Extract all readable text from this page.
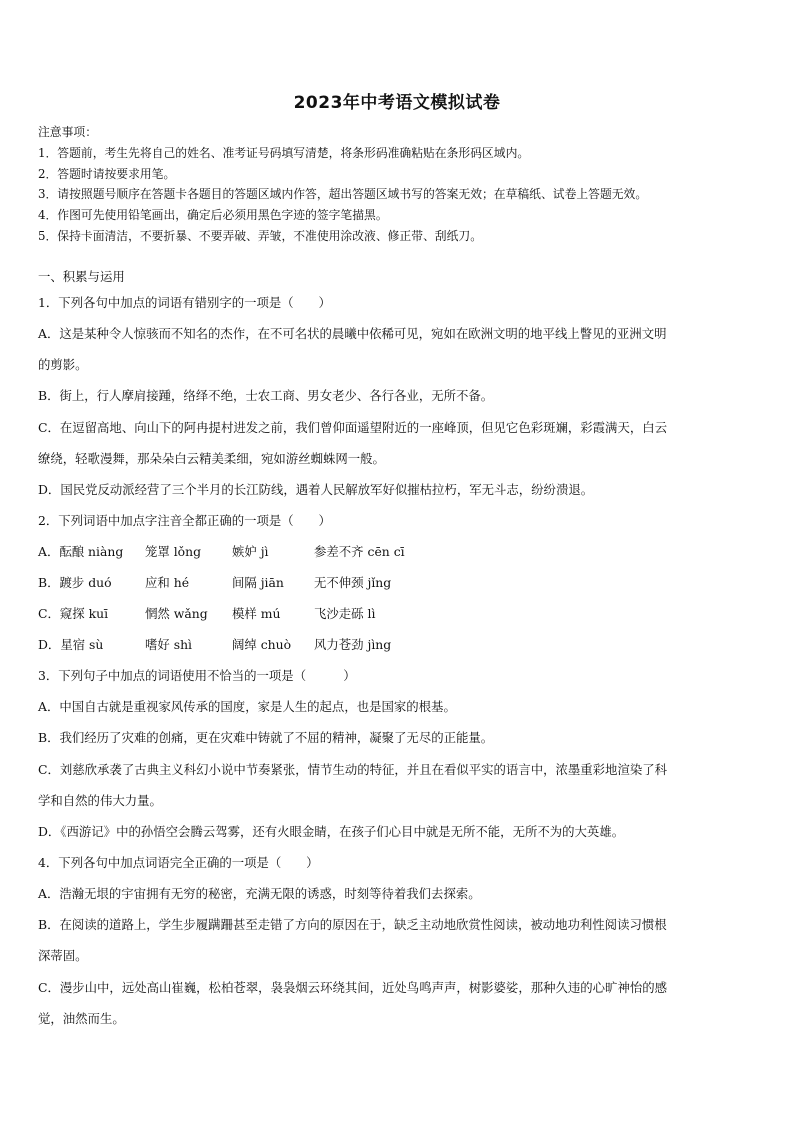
2023年中考语文模拟试卷
注意事项：
1．答题前，考生先将自己的姓名、准考证号码填写清楚，将条形码准确粘贴在条形码区域内。
2．答题时请按要求用笔。
3．请按照题号顺序在答题卡各题目的答题区域内作答，超出答题区域书写的答案无效；在草稿纸、试卷上答题无效。
4．作图可先使用铅笔画出，确定后必须用黑色字迹的签字笔描黑。
5．保持卡面清洁，不要折暴、不要弄破、弄皱，不准使用涂改液、修正带、刮纸刀。
一、积累与运用
1．下列各句中加点的词语有错别字的一项是（　　）
A．这是某种令人惊骇而不知名的杰作，在不可名状的晨曦中依稀可见，宛如在欧洲文明的地平线上瞥见的亚洲文明
的剪影。
B．街上，行人摩肩接踵，络绎不绝，士农工商、男女老少、各行各业，无所不备。
C．在逗留高地、向山下的阿冉提村进发之前，我们曾仰面遥望附近的一座峰顶，但见它色彩斑斓，彩霞满天，白云
缭绕，轻歌漫舞，那朵朵白云精美柔细，宛如游丝蜘蛛网一般。
D．国民党反动派经营了三个半月的长江防线，遇着人民解放军好似摧枯拉朽，军无斗志，纷纷溃退。
2．下列词语中加点字注音全都正确的一项是（　　）
A．酝酿 niàng 笼罩 lǒng 嫉妒 jì	参差不齐 cēn cī
B．踱步 duó	应和 hé	间隔 jiān 无不伸颈 jǐng
C．窥探 kuī	惘然 wǎng 模样 mú	飞沙走砾 lì
D．星宿 sù	嗜好 shì	阔绰 chuò 风力苍劲 jìng
3．下列句子中加点的词语使用不恰当的一项是（　　　）
A．中国自古就是重视家风传承的国度，家是人生的起点，也是国家的根基。
B．我们经历了灾难的创痛，更在灾难中铸就了不屈的精神，凝聚了无尽的正能量。
C．刘慈欣承袭了古典主义科幻小说中节奏紧张，情节生动的特征，并且在看似平实的语言中，浓墨重彩地渲染了科
学和自然的伟大力量。
D．《西游记》中的孙悟空会腾云驾雾，还有火眼金睛，在孩子们心目中就是无所不能，无所不为的大英雄。
4．下列各句中加点词语完全正确的一项是（　　）
A．浩瀚无垠的宇宙拥有无穷的秘密，充满无限的诱惑，时刻等待着我们去探索。
B．在阅读的道路上，学生步履蹒跚甚至走错了方向的原因在于，缺乏主动地欣赏性阅读，被动地功利性阅读习惯根
深蒂固。
C．漫步山中，远处高山崔巍，松柏苍翠，袅袅烟云环绕其间，近处鸟鸣声声，树影婆娑，那种久违的心旷神怡的感
觉，油然而生。
